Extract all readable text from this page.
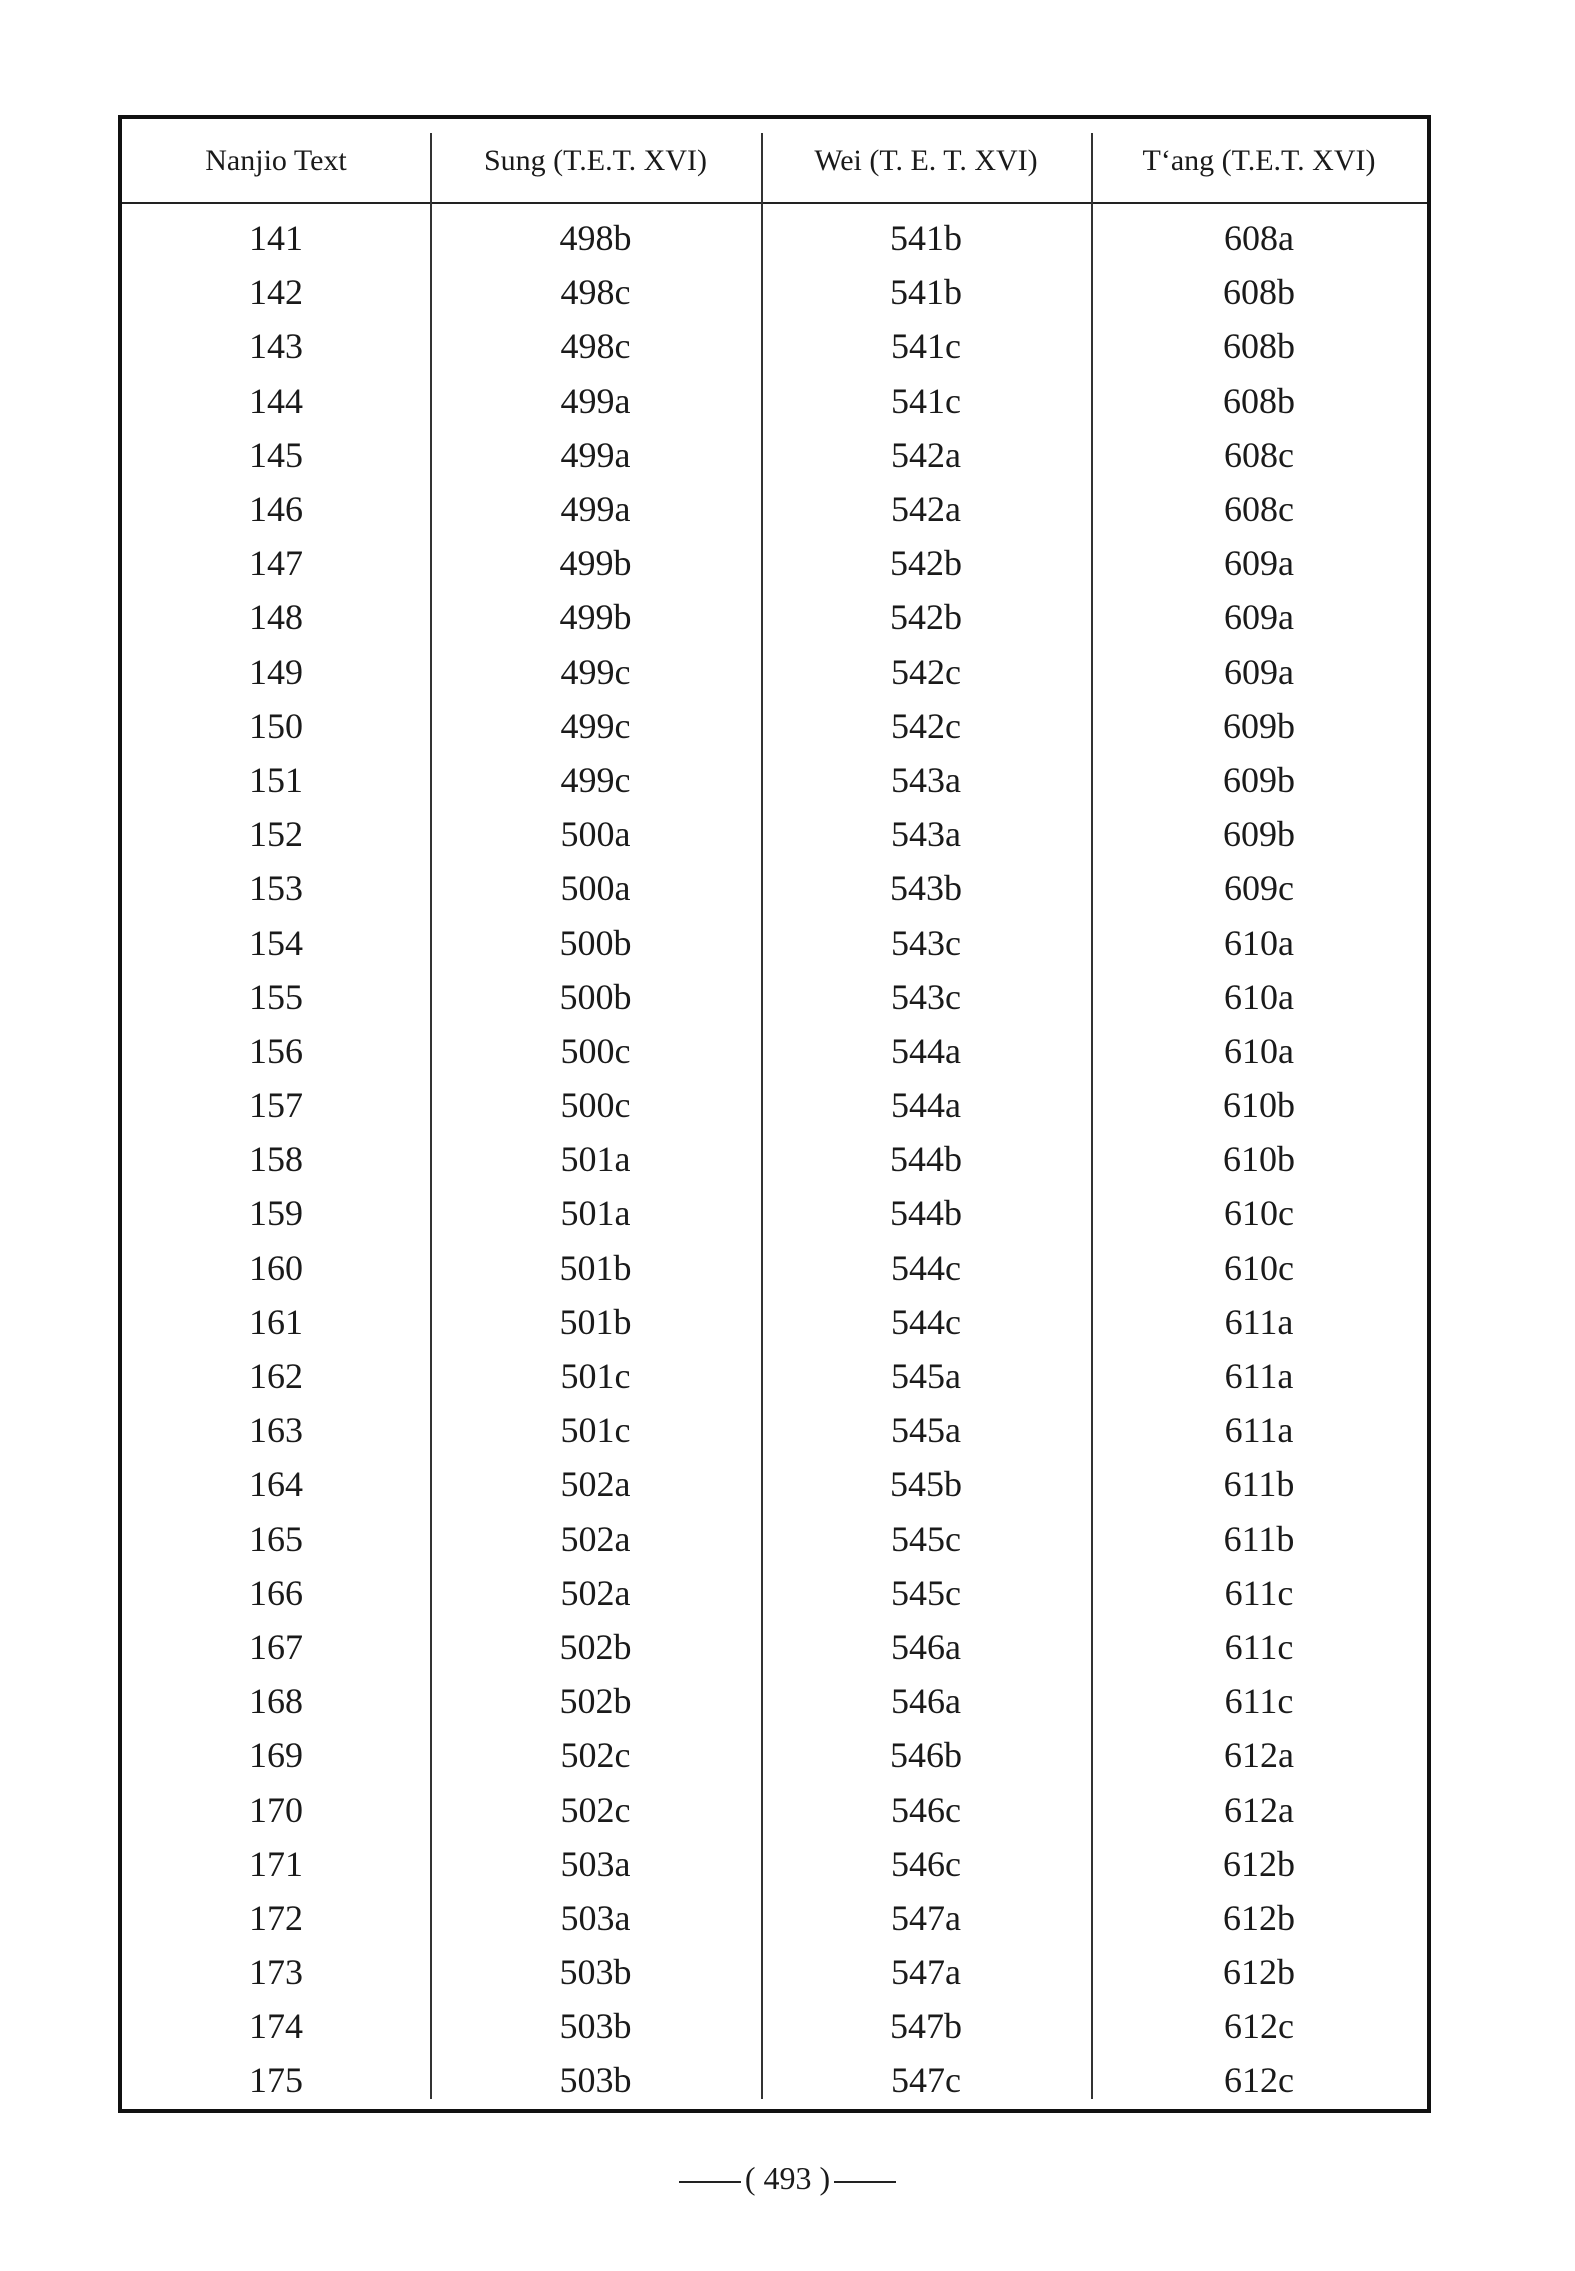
Nanjio Text	Sung (T.E.T. XVI)	Wei (T. E. T. XVI)	T‘ang (T.E.T. XVI)
141	498b	541b	608a
142	498c	541b	608b
143	498c	541c	608b
144	499a	541c	608b
145	499a	542a	608c
146	499a	542a	608c
147	499b	542b	609a
148	499b	542b	609a
149	499c	542c	609a
150	499c	542c	609b
151	499c	543a	609b
152	500a	543a	609b
153	500a	543b	609c
154	500b	543c	610a
155	500b	543c	610a
156	500c	544a	610a
157	500c	544a	610b
158	501a	544b	610b
159	501a	544b	610c
160	501b	544c	610c
161	501b	544c	611a
162	501c	545a	611a
163	501c	545a	611a
164	502a	545b	611b
165	502a	545c	611b
166	502a	545c	611c
167	502b	546a	611c
168	502b	546a	611c
169	502c	546b	612a
170	502c	546c	612a
171	503a	546c	612b
172	503a	547a	612b
173	503b	547a	612b
174	503b	547b	612c
175	503b	547c	612c
( 493 )
